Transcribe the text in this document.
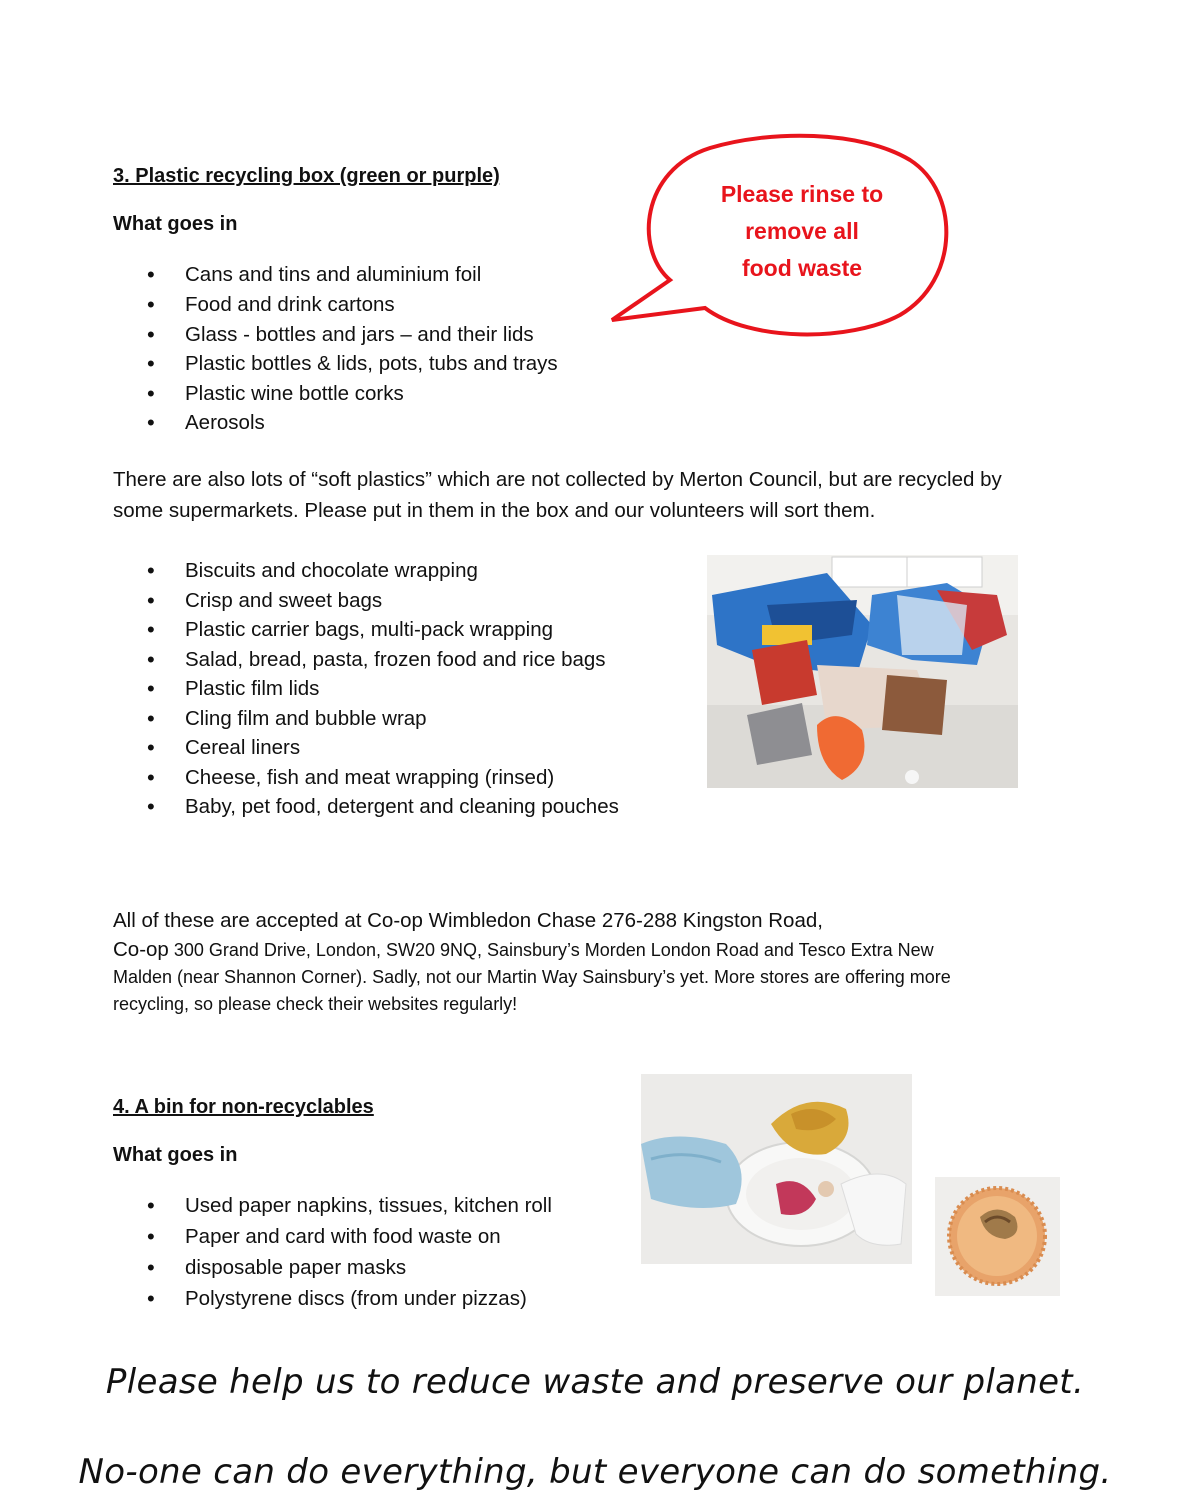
3. Plastic recycling box (green or purple)
What goes in
• Cans and tins and aluminium foil
• Food and drink cartons
• Glass - bottles and jars – and their lids
• Plastic bottles & lids, pots, tubs and trays
• Plastic wine bottle corks
• Aerosols
Please rinse to
remove all
food waste
There are also lots of “soft plastics” which are not collected by Merton Council, but are recycled by
some supermarkets. Please put in them in the box and our volunteers will sort them.
• Biscuits and chocolate wrapping
• Crisp and sweet bags
• Plastic carrier bags, multi-pack wrapping
• Salad, bread, pasta, frozen food and rice bags
• Plastic film lids
• Cling film and bubble wrap
• Cereal liners
• Cheese, fish and meat wrapping (rinsed)
• Baby, pet food, detergent and cleaning pouches
All of these are accepted at Co-op Wimbledon Chase 276-288 Kingston Road,
Co-op 300 Grand Drive, London, SW20 9NQ, Sainsbury’s Morden London Road and Tesco Extra New
Malden (near Shannon Corner). Sadly, not our Martin Way Sainsbury’s yet. More stores are offering more
recycling, so please check their websites regularly!
4. A bin for non-recyclables
What goes in
• Used paper napkins, tissues, kitchen roll
• Paper and card with food waste on
• disposable paper masks
• Polystyrene discs (from under pizzas)
Please help us to reduce waste and preserve our planet.
No-one can do everything, but everyone can do something.
